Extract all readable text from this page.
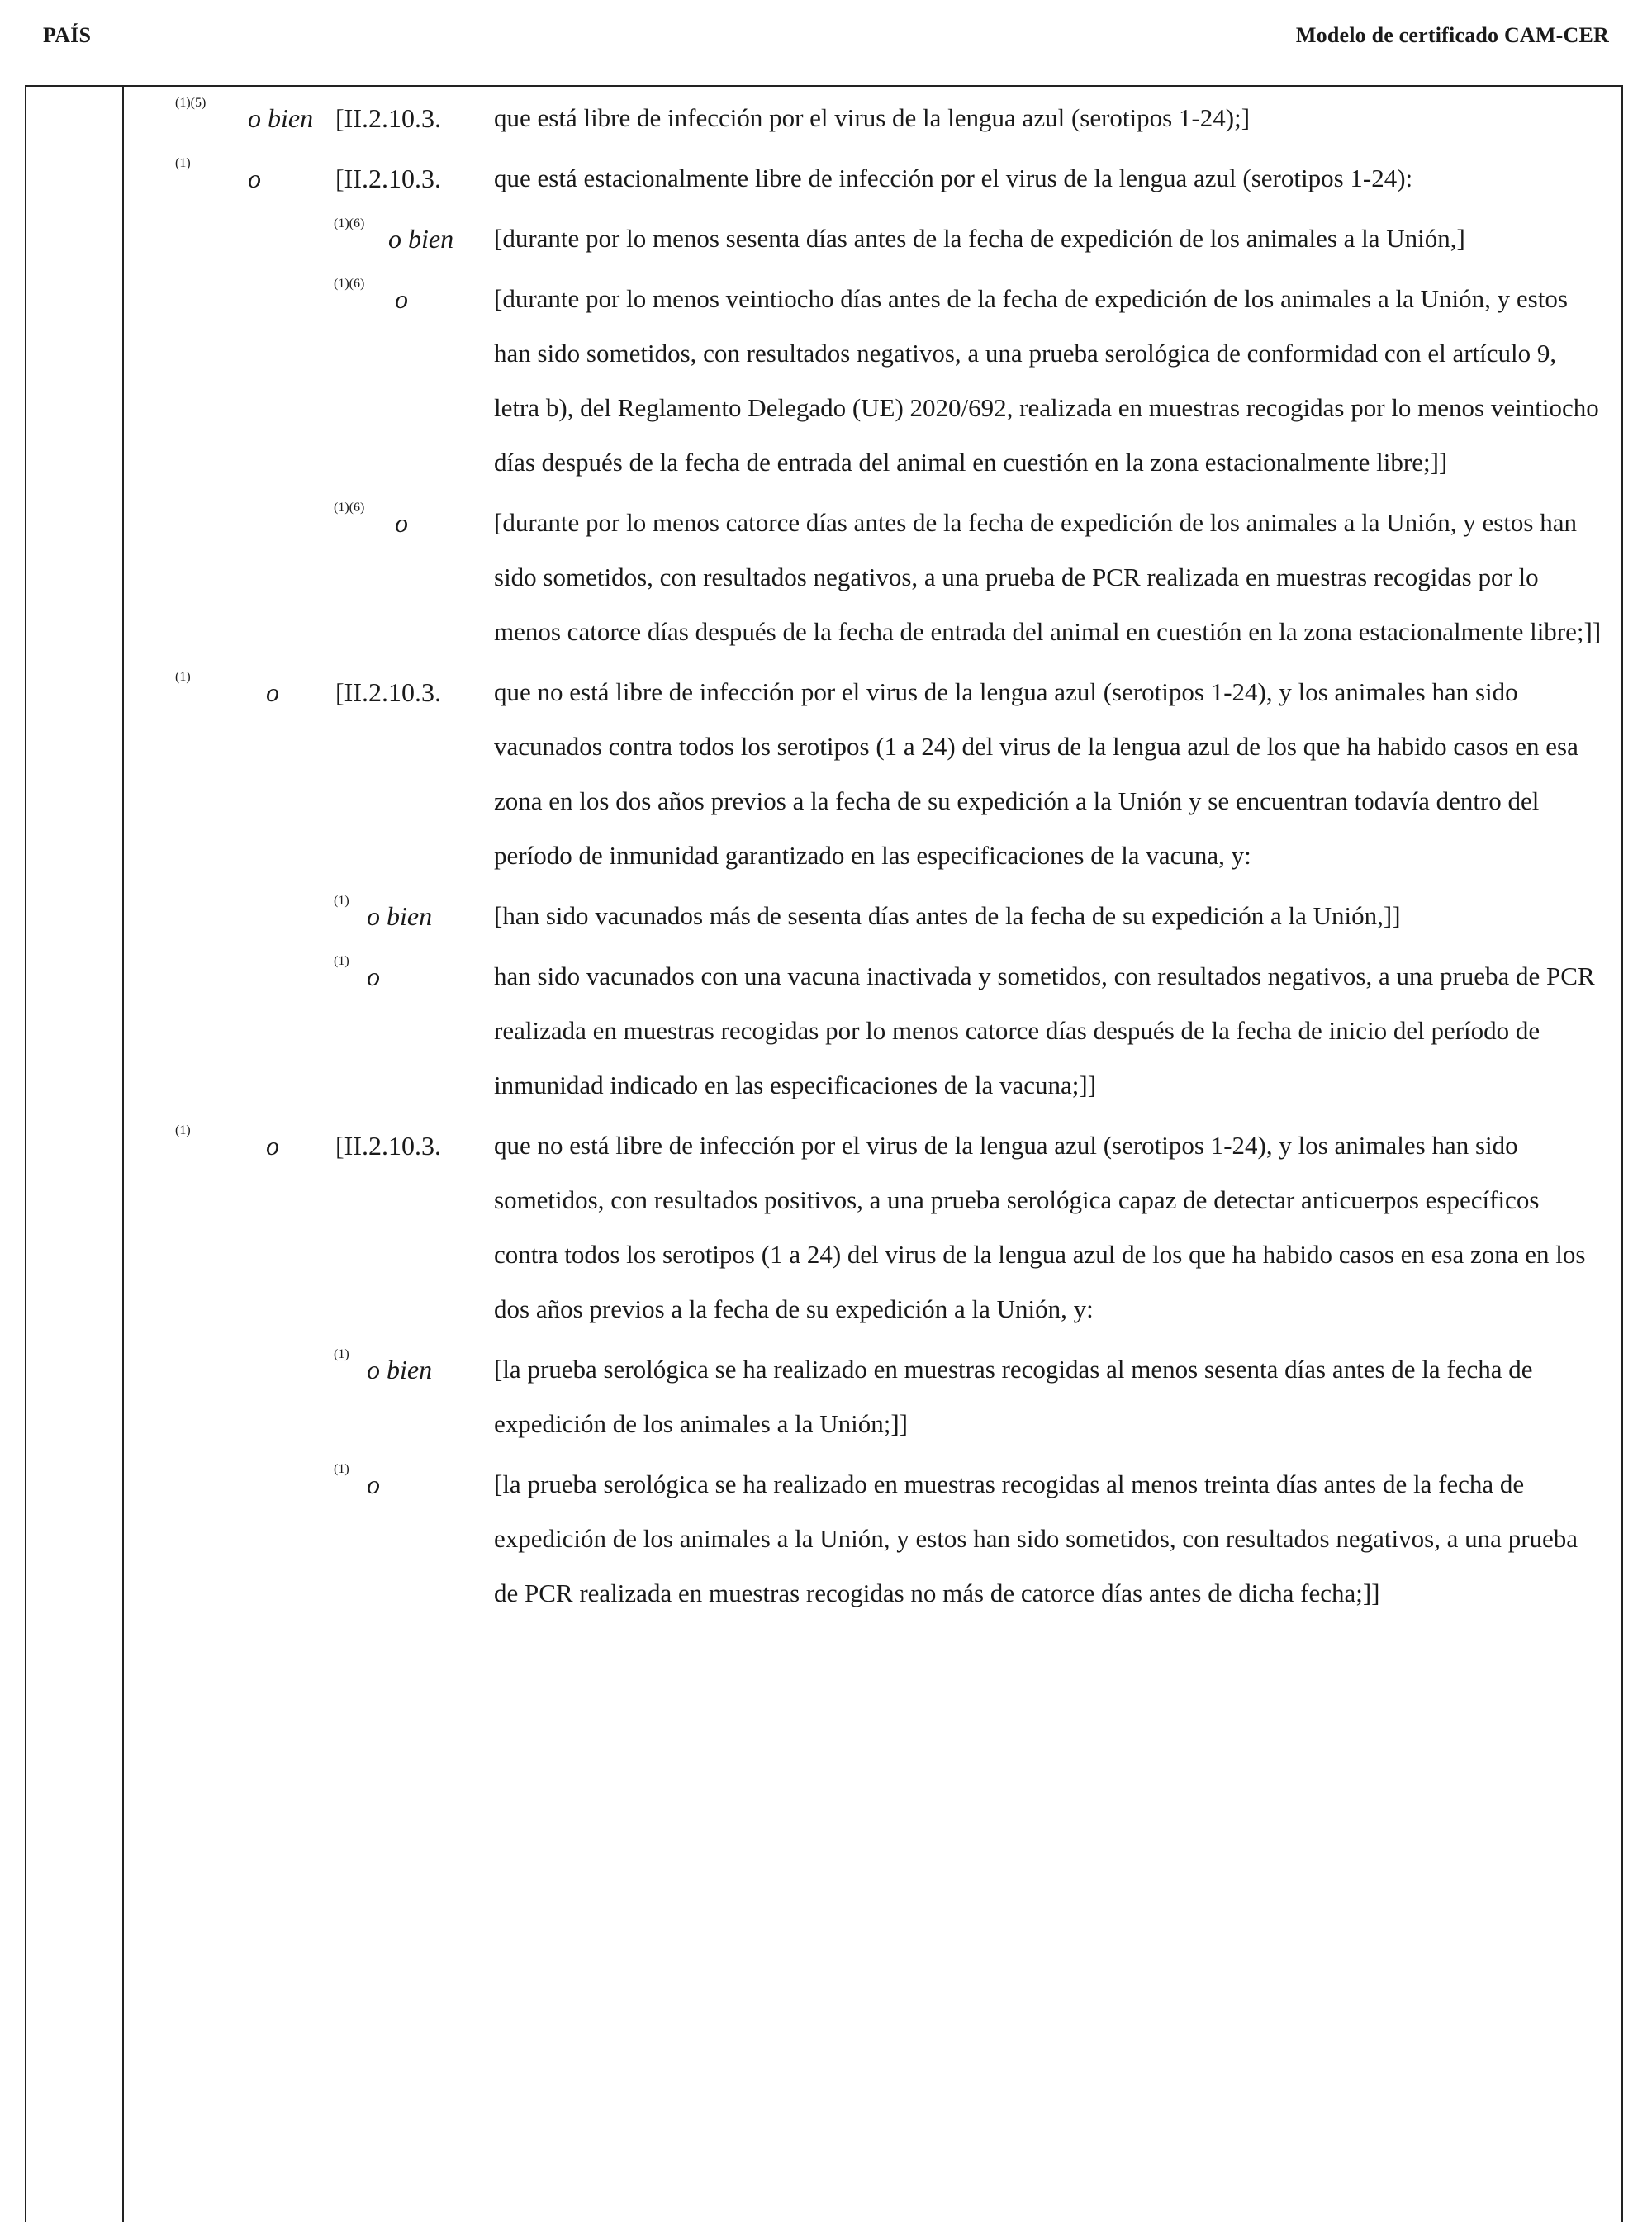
PAÍS	Modelo de certificado CAM-CER
(1)(5)
o bien [II.2.10.3. que está libre de infección por el virus de la lengua azul (serotipos 1-24);]
(1)
o	[II.2.10.3. que está estacionalmente libre de infección por el virus de la lengua azul (serotipos 1-24):
(1)(6)
o bien [durante por lo menos sesenta días antes de la fecha de expedición de los animales a la Unión,]
(1)(6)
o	[durante por lo menos veintiocho días antes de la fecha de expedición de los animales a la Unión, y estos han sido sometidos, con resultados negativos, a una prueba serológica de conformidad con el artículo 9, letra b), del Reglamento Delegado (UE) 2020/692, realizada en muestras recogidas por lo menos veintiocho días después de la fecha de entrada del animal en cuestión en la zona estacionalmente libre;]]
(1)(6)
o	[durante por lo menos catorce días antes de la fecha de expedición de los animales a la Unión, y estos han sido sometidos, con resultados negativos, a una prueba de PCR realizada en muestras recogidas por lo menos catorce días después de la fecha de entrada del animal en cuestión en la zona estacionalmente libre;]]
(1)
o [II.2.10.3. que no está libre de infección por el virus de la lengua azul (serotipos 1-24), y los animales han sido vacunados contra todos los serotipos (1 a 24) del virus de la lengua azul de los que ha habido casos en esa zona en los dos años previos a la fecha de su expedición a la Unión y se encuentran todavía dentro del período de inmunidad garantizado en las especificaciones de la vacuna, y:
(1)
o bien [han sido vacunados más de sesenta días antes de la fecha de su expedición a la Unión,]]
(1)
o	han sido vacunados con una vacuna inactivada y sometidos, con resultados negativos, a una prueba de PCR realizada en muestras recogidas por lo menos catorce días después de la fecha de inicio del período de inmunidad indicado en las especificaciones de la vacuna;]]
(1)
o [II.2.10.3. que no está libre de infección por el virus de la lengua azul (serotipos 1-24), y los animales han sido sometidos, con resultados positivos, a una prueba serológica capaz de detectar anticuerpos específicos contra todos los serotipos (1 a 24) del virus de la lengua azul de los que ha habido casos en esa zona en los dos años previos a la fecha de su expedición a la Unión, y:
(1)
o bien [la prueba serológica se ha realizado en muestras recogidas al menos sesenta días antes de la fecha de expedición de los animales a la Unión;]]
(1)
o	[la prueba serológica se ha realizado en muestras recogidas al menos treinta días antes de la fecha de expedición de los animales a la Unión, y estos han sido sometidos, con resultados negativos, a una prueba de PCR realizada en muestras recogidas no más de catorce días antes de dicha fecha;]]
